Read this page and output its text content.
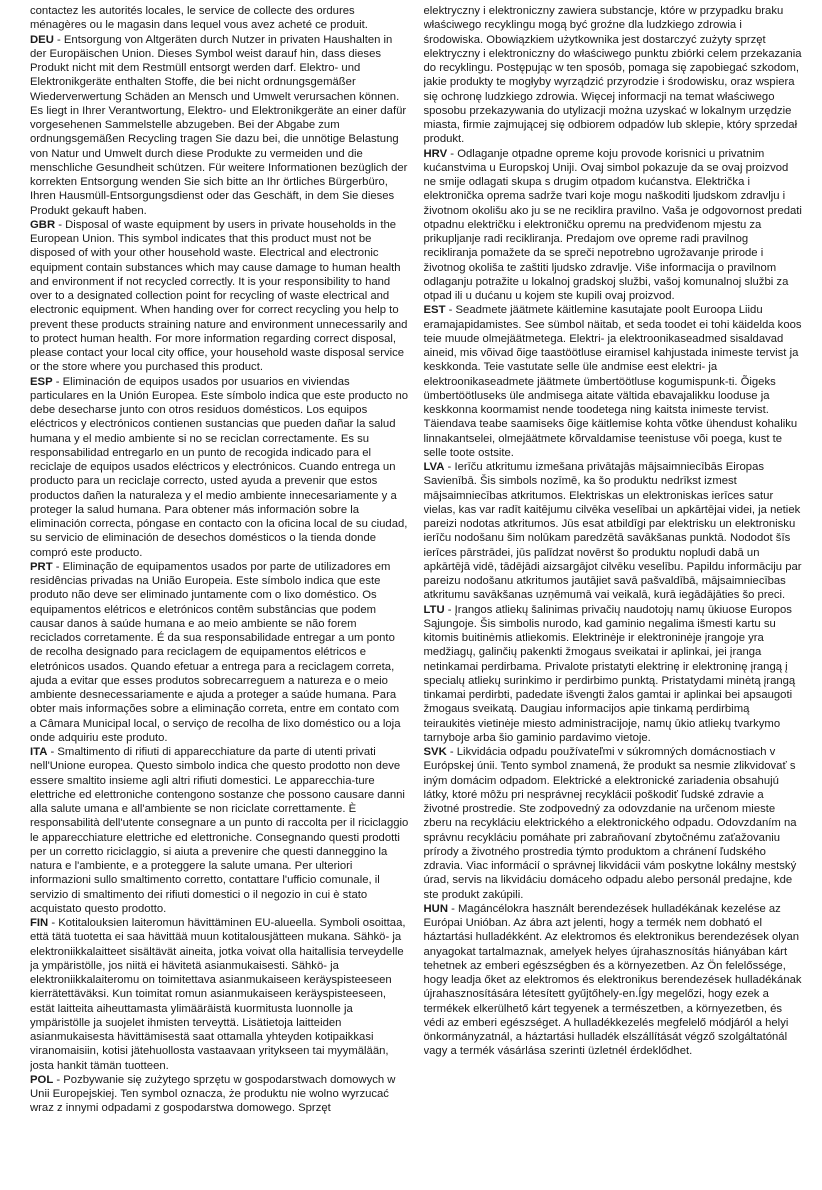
contactez les autorités locales, le service de collecte des ordures ménagères ou le magasin dans lequel vous avez acheté ce produit.

DEU - Entsorgung von Altgeräten durch Nutzer in privaten Haushalten in der Europäischen Union. Dieses Symbol weist darauf hin, dass dieses Produkt nicht mit dem Restmüll entsorgt werden darf. Elektro- und Elektronikgeräte enthalten Stoffe, die bei nicht ordnungsgemäßer Wiederverwertung Schäden an Mensch und Umwelt verursachen können. Es liegt in Ihrer Verantwortung, Elektro- und Elektronikgeräte an einer dafür vorgesehenen Sammelstelle abzugeben. Bei der Abgabe zum ordnungsgemäßen Recycling tragen Sie dazu bei, die unnötige Belastung von Natur und Umwelt durch diese Produkte zu vermeiden und die menschliche Gesundheit schützen. Für weitere Informationen bezüglich der korrekten Entsorgung wenden Sie sich bitte an Ihr örtliches Bürgerbüro, Ihren Hausmüll-Entsorgungsdienst oder das Geschäft, in dem Sie dieses Produkt gekauft haben.

GBR - Disposal of waste equipment by users in private households in the European Union. This symbol indicates that this product must not be disposed of with your other household waste. Electrical and electronic equipment contain substances which may cause damage to human health and environment if not recycled correctly. It is your responsibility to hand over to a designated collection point for recycling of waste electrical and electronic equipment. When handing over for correct recycling you help to prevent these products straining nature and environment unnecessarily and to protect human health. For more information regarding correct disposal, please contact your local city office, your household waste disposal service or the store where you purchased this product.

ESP - Eliminación de equipos usados por usuarios en viviendas particulares en la Unión Europea. Este símbolo indica que este producto no debe desecharse junto con otros residuos domésticos. Los equipos eléctricos y electrónicos contienen sustancias que pueden dañar la salud humana y el medio ambiente si no se reciclan correctamente. Es su responsabilidad entregarlo en un punto de recogida indicado para el reciclaje de equipos usados eléctricos y electrónicos. Cuando entrega un producto para un reciclaje correcto, usted ayuda a prevenir que estos productos dañen la naturaleza y el medio ambiente innecesariamente y a proteger la salud humana. Para obtener más información sobre la eliminación correcta, póngase en contacto con la oficina local de su ciudad, su servicio de eliminación de desechos domésticos o la tienda donde compró este producto.

PRT - Eliminação de equipamentos usados por parte de utilizadores em residências privadas na União Europeia. Este símbolo indica que este produto não deve ser eliminado juntamente com o lixo doméstico. Os equipamentos elétricos e eletrónicos contêm substâncias que podem causar danos à saúde humana e ao meio ambiente se não forem reciclados corretamente. É da sua responsabilidade entregar a um ponto de recolha designado para reciclagem de equipamentos elétricos e eletrónicos usados. Quando efetuar a entrega para a reciclagem correta, ajuda a evitar que esses produtos sobrecarreguem a natureza e o meio ambiente desnecessariamente e ajuda a proteger a saúde humana. Para obter mais informações sobre a eliminação correta, entre em contato com a Câmara Municipal local, o serviço de recolha de lixo doméstico ou a loja onde adquiriu este produto.

ITA - Smaltimento di rifiuti di apparecchiature da parte di utenti privati nell'Unione europea. Questo simbolo indica che questo prodotto non deve essere smaltito insieme agli altri rifiuti domestici. Le apparecchia-ture elettriche ed elettroniche contengono sostanze che possono causare danni alla salute umana e all'ambiente se non riciclate correttamente. È responsabilità dell'utente consegnare a un punto di raccolta per il riciclaggio le apparecchiature elettriche ed elettroniche. Consegnando questi prodotti per un corretto riciclaggio, si aiuta a prevenire che questi danneggino la natura e l'ambiente, e a proteggere la salute umana. Per ulteriori informazioni sullo smaltimento corretto, contattare l'ufficio comunale, il servizio di smaltimento dei rifiuti domestici o il negozio in cui è stato acquistato questo prodotto.

FIN - Kotitalouksien laiteromun hävittäminen EU-alueella. Symboli osoittaa, että tätä tuotetta ei saa hävittää muun kotitalousjätteen mukana. Sähkö- ja elektroniikkalaitteet sisältävät aineita, jotka voivat olla haitallisia terveydelle ja ympäristölle, jos niitä ei hävitetä asianmukaisesti. Sähkö- ja elektroniikkalaiteromu on toimitettava asianmukaiseen keräyspisteeseen kierrätettäväksi. Kun toimitat romun asianmukaiseen keräyspisteeseen, estät laitteita aiheuttamasta ylimääräistä kuormitusta luonnolle ja ympäristölle ja suojelet ihmisten terveyttä. Lisätietoja laitteiden asianmukaisesta hävittämisestä saat ottamalla yhteyden kotipaikkasi viranomaisiin, kotisi jätehuollosta vastaavaan yritykseen tai myymälään, josta hankit tämän tuotteen.

POL - Pozbywanie się zużytego sprzętu w gospodarstwach domowych w Unii Europejskiej. Ten symbol oznacza, że produktu nie wolno wyrzucać wraz z innymi odpadami z gospodarstwa domowego. Sprzęt

elektryczny i elektroniczny zawiera substancje, które w przypadku braku właściwego recyklingu mogą być groźne dla ludzkiego zdrowia i środowiska. Obowiązkiem użytkownika jest dostarczyć zużyty sprzęt elektryczny i elektroniczny do właściwego punktu zbiórki celem przekazania do recyklingu. Postępując w ten sposób, pomaga się zapobiegać szkodom, jakie produkty te mogłyby wyrządzić przyrodzie i środowisku, oraz wspiera się ochronę ludzkiego zdrowia. Więcej informacji na temat właściwego sposobu przekazywania do utylizacji można uzyskać w lokalnym urzędzie miasta, firmie zajmującej się odbiorem odpadów lub sklepie, który sprzedał produkt.

HRV - Odlaganje otpadne opreme koju provode korisnici u privatnim kućanstvima u Europskoj Uniji. Ovaj simbol pokazuje da se ovaj proizvod ne smije odlagati skupa s drugim otpadom kućanstva. Električka i elektronička oprema sadrže tvari koje mogu naškoditi ljudskom zdravlju i životnom okolišu ako ju se ne reciklira pravilno. Vaša je odgovornost predati otpadnu električku i elektroničku opremu na predviđenom mjestu za prikupljanje radi recikliranja. Predajom ove opreme radi pravilnog recikliranja pomažete da se spreči nepotrebno ugrožavanje prirode i životnog okoliša te zaštiti ljudsko zdravlje. Više informacija o pravilnom odlaganju potražite u lokalnoj gradskoj službi, vašoj komunalnoj službi za otpad ili u dućanu u kojem ste kupili ovaj proizvod.

EST - Seadmete jäätmete käitlemine kasutajate poolt Euroopa Liidu eramajapidamistes. See sümbol näitab, et seda toodet ei tohi käidelda koos teie muude olmejäätmetega. Elektri- ja elektroonikaseadmed sisaldavad aineid, mis võivad õige taastöötluse eiramisel kahjustada inimeste tervist ja keskkonda. Teie vastutate selle üle andmise eest elektri- ja elektroonikaseadmete jäätmete ümbertöötluse kogumispunk-ti. Õigeks ümbertöötluseks üle andmisega aitate vältida ebavajalikku looduse ja keskkonna koormamist nende toodetega ning kaitsta inimeste tervist. Täiendava teabe saamiseks õige käitlemise kohta võtke ühendust kohaliku linnakantselei, olmejäätmete kõrvaldamise teenistuse või poega, kust te selle toote ostsite.

LVA - Ierīču atkritumu izmešana privātajās mājsaimniecībās Eiropas Savienībā. Šis simbols nozīmē, ka šo produktu nedrīkst izmest mājsaimniecības atkritumos. Elektriskas un elektroniskas ierīces satur vielas, kas var radīt kaitējumu cilvēka veselībai un apkārtējai videi, ja netiek pareizi nodotas atkritumos. Jūs esat atbildīgi par elektrisku un elektronisku ierīču nodošanu šim nolūkam paredzētā savākšanas punktā. Nododot šīs ierīces pārstrādei, jūs palīdzat novērst šo produktu nopludi dabā un apkārtējā vidē, tādējādi aizsargājot cilvēku veselību. Papildu informāciju par pareizu nodošanu atkritumos jautājiet savā pašvaldībā, mājsaimniecības atkritumu savākšanas uzņēmumā vai veikalā, kurā iegādājāties šo preci.

LTU - Įrangos atliekų šalinimas privačių naudotojų namų ūkiuose Europos Sąjungoje. Šis simbolis nurodo, kad gaminio negalima išmesti kartu su kitomis buitinėmis atliekomis. Elektrinėje ir elektroninėje įrangoje yra medžiagų, galinčių pakenkti žmogaus sveikatai ir aplinkai, jei įranga netinkamai perdirbama. Privalote pristatyti elektrinę ir elektroninę įrangą į specialų atliekų surinkimo ir perdirbimo punktą. Pristatydami minėtą įrangą tinkamai perdirbti, padedate išvengti žalos gamtai ir aplinkai bei apsaugoti žmogaus sveikatą. Daugiau informacijos apie tinkamą perdirbimą teiraukitės vietinėje miesto administracijoje, namų ūkio atliekų tvarkymo tarnyboje arba šio gaminio pardavimo vietoje.

SVK - Likvidácia odpadu používateľmi v súkromných domácnostiach v Európskej únii. Tento symbol znamená, že produkt sa nesmie zlikvidovať s iným domácim odpadom. Elektrické a elektronické zariadenia obsahujú látky, ktoré môžu pri nesprávnej recyklácii poškodiť ľudské zdravie a životné prostredie. Ste zodpovedný za odovzdanie na určenom mieste zberu na recykláciu elektrického a elektronického odpadu. Odovzdaním na správnu recykláciu pomáhate pri zabraňovaní zbytočnému zaťažovaniu prírody a životného prostredia týmto produktom a chránení ľudského zdravia. Viac informácií o správnej likvidácii vám poskytne lokálny mestský úrad, servis na likvidáciu domáceho odpadu alebo personál predajne, kde ste produkt zakúpili.

HUN - Magáncélokra használt berendezések hulladékának kezelése az Európai Unióban. Az ábra azt jelenti, hogy a termék nem dobható el háztartási hulladékként. Az elektromos és elektronikus berendezések olyan anyagokat tartalmaznak, amelyek helyes újrahasznosítás hiányában kárt tehetnek az emberi egészségben és a környezetben. Az Ön felelőssége, hogy leadja őket az elektromos és elektronikus berendezések hulladékának újrahasznosítására létesített gyűjtőhely-en.Így megelőzi, hogy ezek a termékek elkerülhető kárt tegyenek a természetben, a környezetben, és védi az emberi egészséget. A hulladékkezelés megfelelő módjáról a helyi önkormányzatnál, a háztartási hulladék elszállítását végző szolgáltatónál vagy a termék vásárlása szerinti üzletnél érdeklődhet.
